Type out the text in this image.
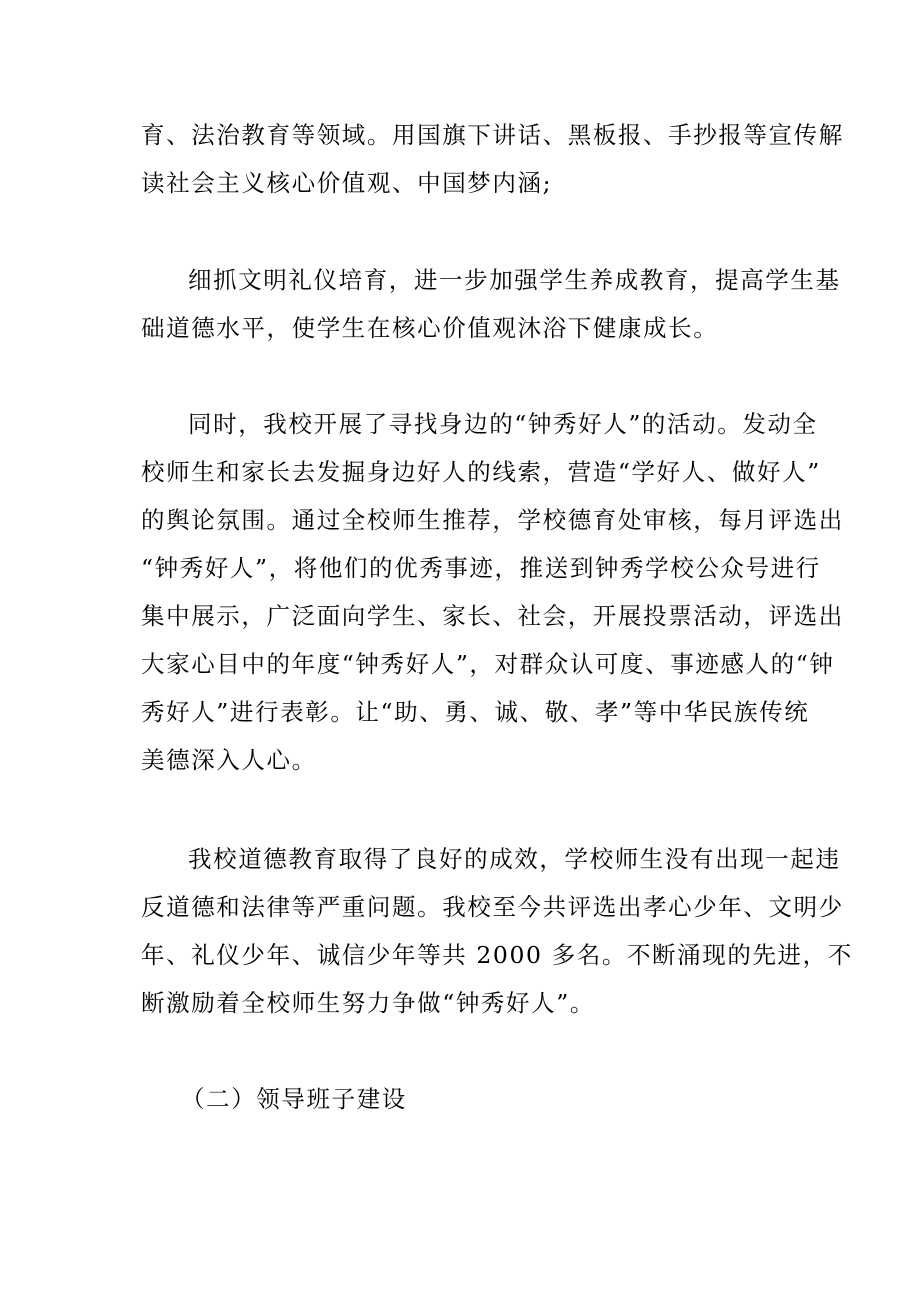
育、法治教育等领域。用国旗下讲话、黑板报、手抄报等宣传解
读社会主义核心价值观、中国梦内涵;

细抓文明礼仪培育，进一步加强学生养成教育，提高学生基
础道德水平，使学生在核心价值观沐浴下健康成长。

同时，我校开展了寻找身边的“钟秀好人”的活动。发动全
校师生和家长去发掘身边好人的线索，营造“学好人、做好人”
的舆论氛围。通过全校师生推荐，学校德育处审核，每月评选出
“钟秀好人”，将他们的优秀事迹，推送到钟秀学校公众号进行
集中展示，广泛面向学生、家长、社会，开展投票活动，评选出
大家心目中的年度“钟秀好人”，对群众认可度、事迹感人的“钟
秀好人”进行表彰。让“助、勇、诚、敬、孝”等中华民族传统
美德深入人心。

我校道德教育取得了良好的成效，学校师生没有出现一起违
反道德和法律等严重问题。我校至今共评选出孝心少年、文明少
年、礼仪少年、诚信少年等共 2000 多名。不断涌现的先进，不
断激励着全校师生努力争做“钟秀好人”。

（二）领导班子建设
